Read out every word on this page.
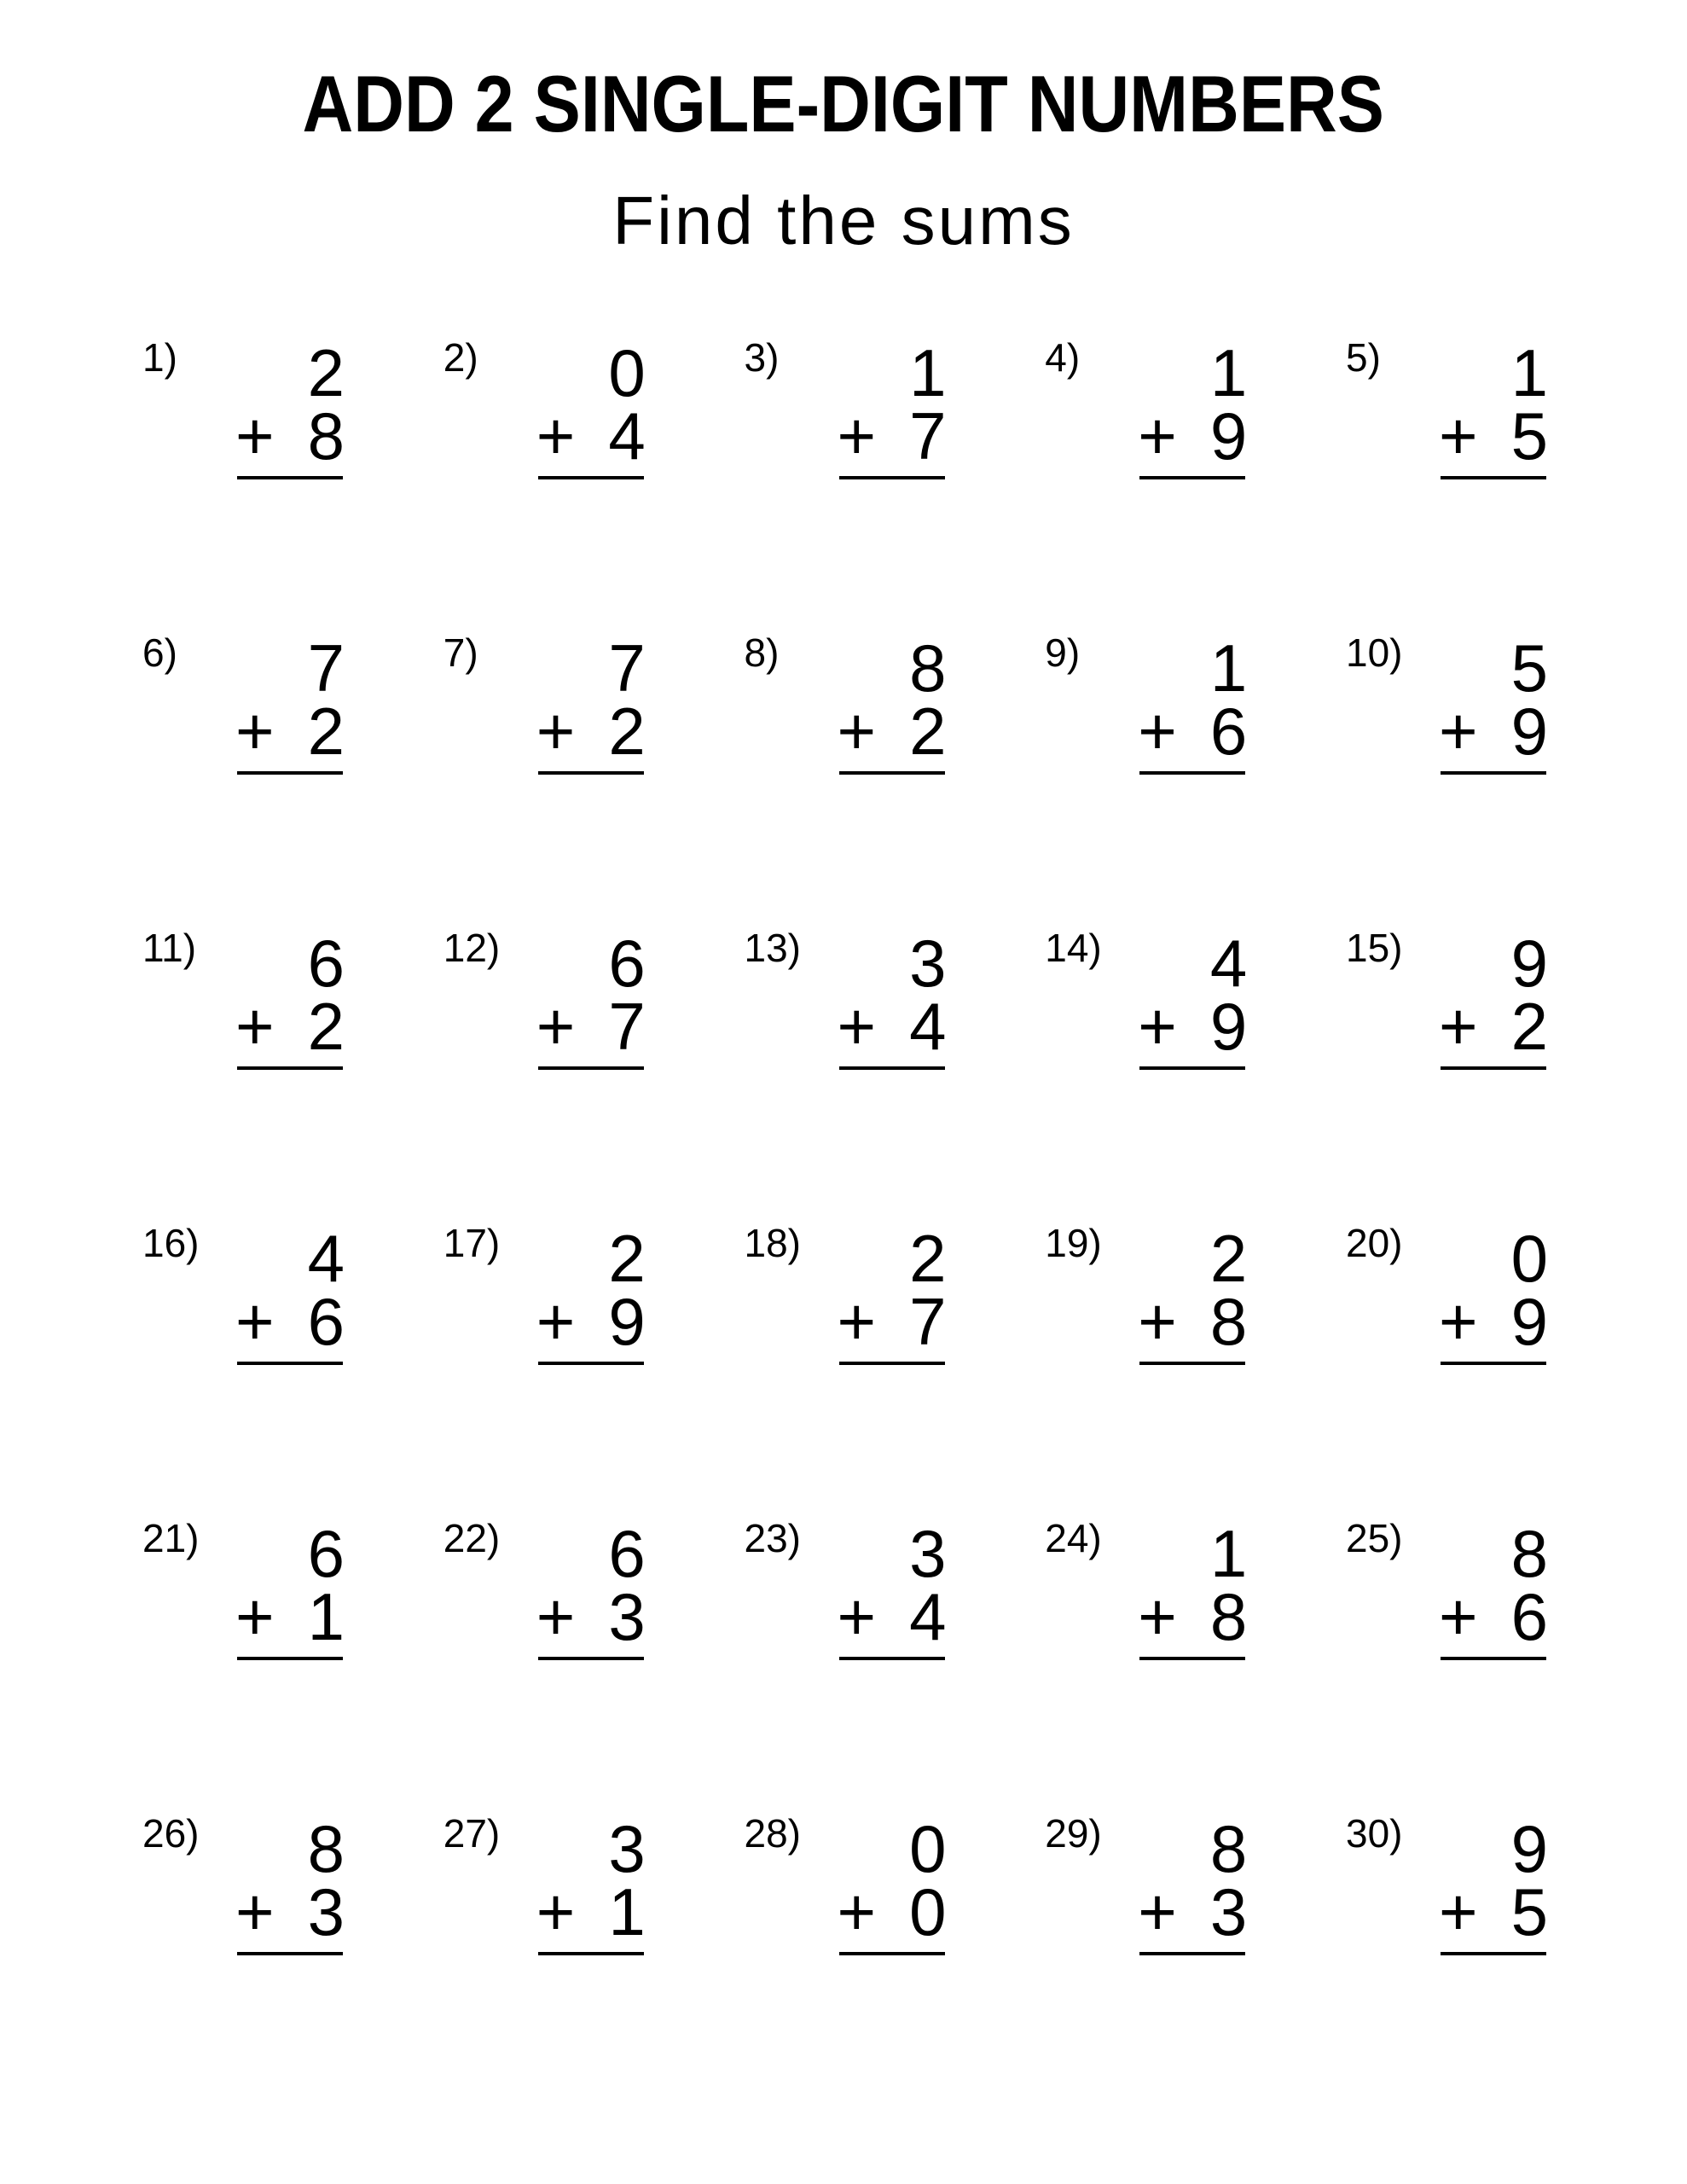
ADD 2 SINGLE-DIGIT NUMBERS
Find the sums
1) 2
+ 8
2) 0
+ 4
3) 1
+ 7
4) 1
+ 9
5) 1
+ 5
6) 7
+ 2
7) 7
+ 2
8) 8
+ 2
9) 1
+ 6
10) 5
+ 9
11) 6
+ 2
12) 6
+ 7
13) 3
+ 4
14) 4
+ 9
15) 9
+ 2
16) 4
+ 6
17) 2
+ 9
18) 2
+ 7
19) 2
+ 8
20) 0
+ 9
21) 6
+ 1
22) 6
+ 3
23) 3
+ 4
24) 1
+ 8
25) 8
+ 6
26) 8
+ 3
27) 3
+ 1
28) 0
+ 0
29) 8
+ 3
30) 9
+ 5
